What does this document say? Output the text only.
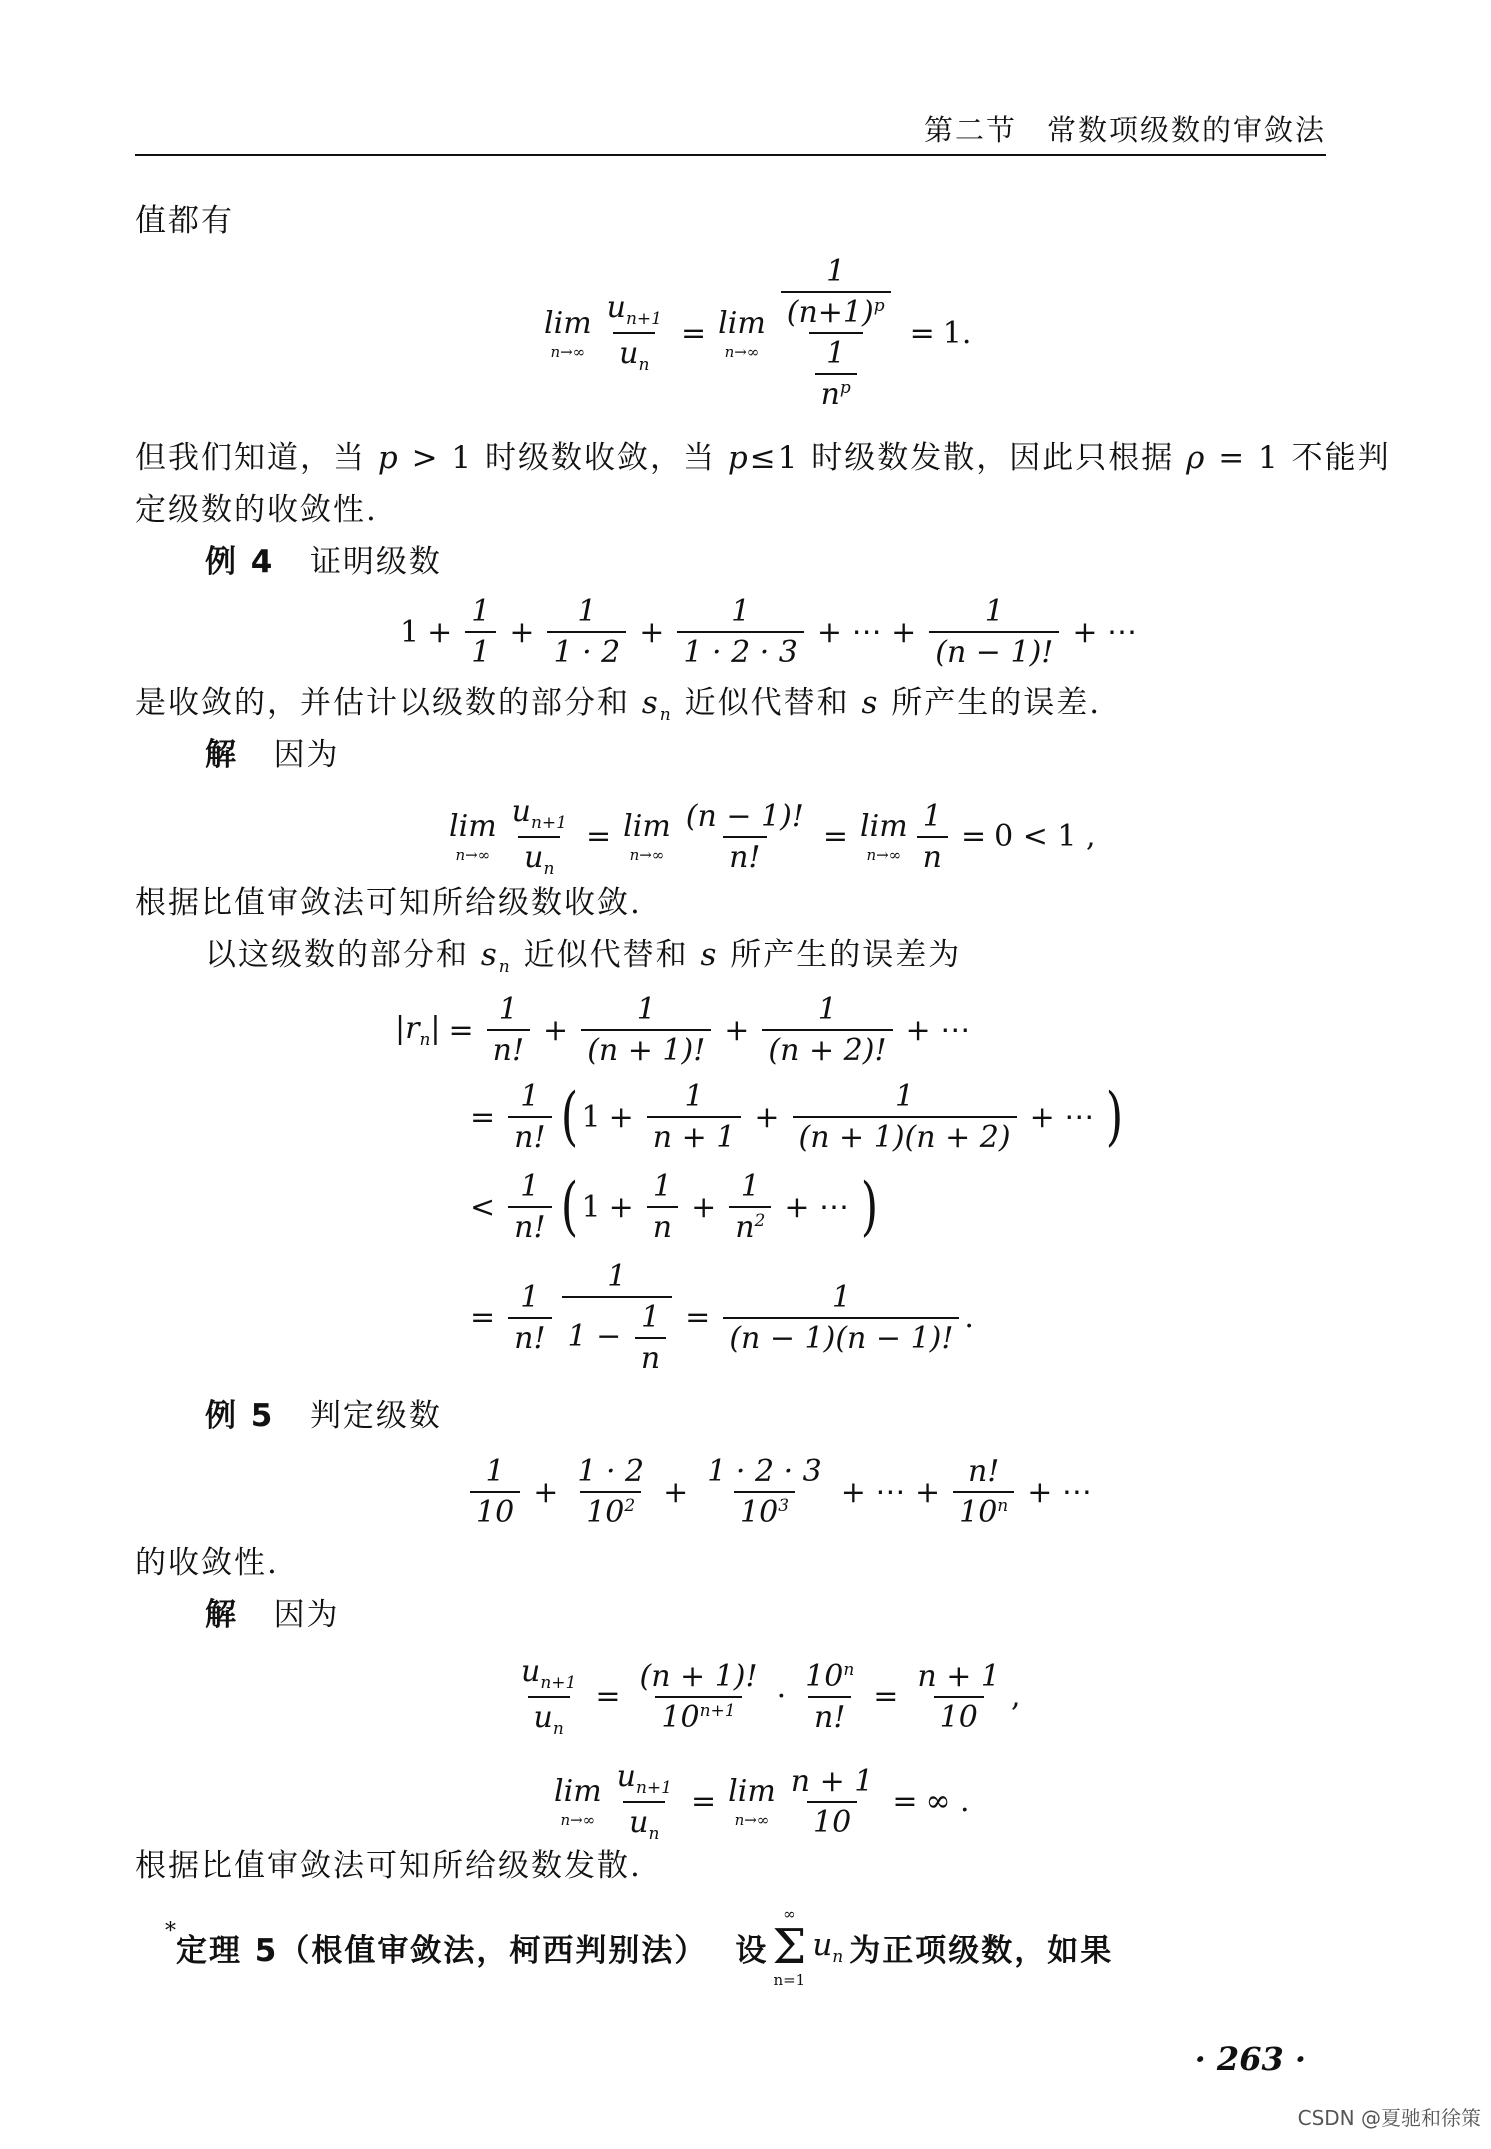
第二节 常数项级数的审敛法
值都有
lim
$n\to\infty \frac{u_{n+1}}{u_n} = \lim$
$n\to\infty \frac{\frac{1}{(n+1)^p}}{\frac{1}{n^p}} = 1$.
但我们知道，当 p > 1 时级数收敛，当 p≤1 时级数发散，因此只根据 ρ = 1 不能判
定级数的收敛性.
例 4 证明级数
$1 + \frac{1}{1} + \frac{1}{1 \cdot 2} + \frac{1}{1 \cdot 2 \cdot 3}$ + ⋯ + $\frac{1}{(n - 1)!}$ + ⋯
是收敛的，并估计以级数的部分和 $s_n$ 近似代替和 s 所产生的误差.
解 因为
lim
$n\to\infty \frac{u_{n+1}}{u_n} = \lim$
$n\to\infty \frac{(n - 1)!}{n!} = \lim$
$n\to\infty \frac{1}{n} = 0 < 1$ ,
根据比值审敛法可知所给级数收敛.
以这级数的部分和 $s_n$ 近似代替和 s 所产生的误差为
$|r_n| = \frac{1}{n!} + \frac{1}{(n + 1)!} + \frac{1}{(n + 2)!}$ + ⋯
= $\frac{1}{n!}$ ( $1 + \frac{1}{n + 1} + \frac{1}{(n + 1)(n + 2)}$ + ⋯ )
< $\frac{1}{n!}$ ( $1 + \frac{1}{n} + \frac{1}{n^2}$ + ⋯ )
= $\frac{1}{n!} \frac{1}{1 - \frac{1}{n}} = \frac{1}{(n - 1)(n - 1)!}$ .
例 5 判定级数
$\frac{1}{10} + \frac{1 \cdot 2}{10^2} + \frac{1 \cdot 2 \cdot 3}{10^3}$ + ⋯ + $\frac{n!}{10^n}$ + ⋯
的收敛性.
解 因为
$\frac{u_{n+1}}{u_n} = \frac{(n + 1)!}{10^{n+1}} \cdot \frac{10^n}{n!} = \frac{n + 1}{10}$ ,
lim
$n\to\infty \frac{u_{n+1}}{u_n} = \lim$
$n\to\infty \frac{n + 1}{10}$ = ∞ .
根据比值审敛法可知所给级数发散.
*
定理 5（根值审敛法，柯西判别法） 设
∞
Σ
n=1
$u_n$ 为正项级数，如果
· 263 ·
CSDN @夏驰和徐策
